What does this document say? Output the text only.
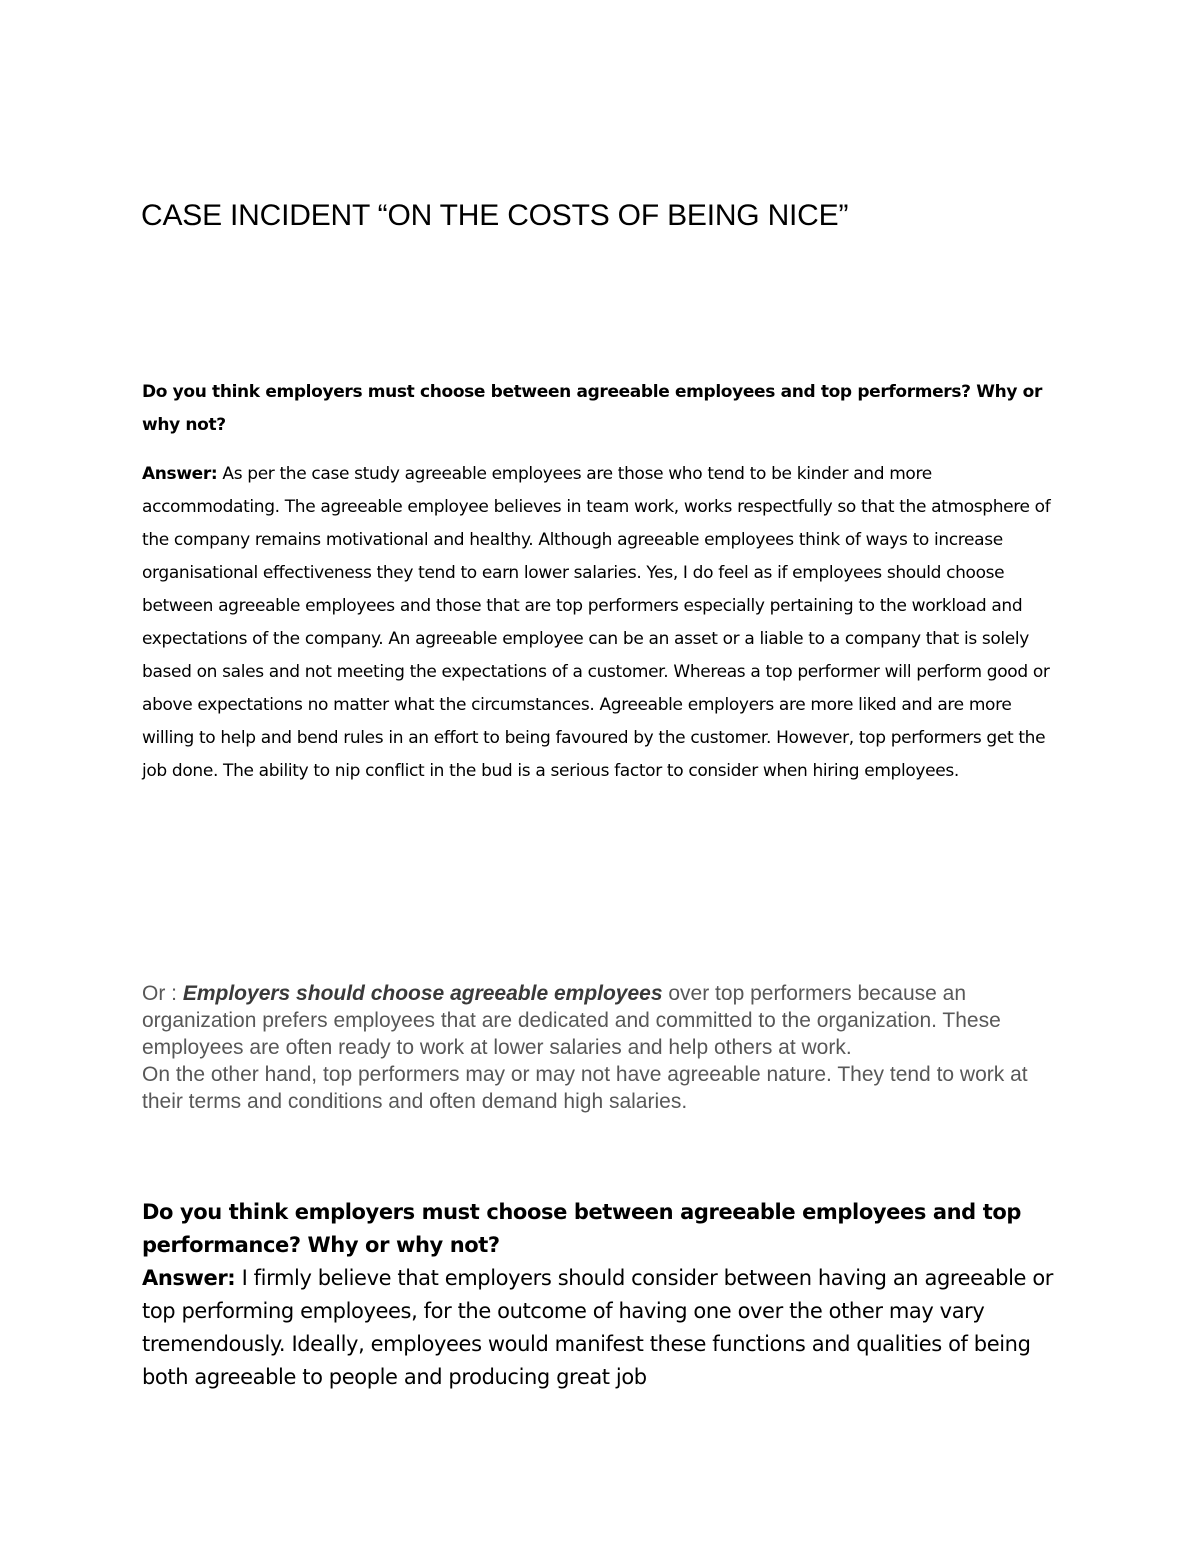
CASE INCIDENT “ON THE COSTS OF BEING NICE”

Do you think employers must choose between agreeable employees and top performers? Why or why not?

Answer: As per the case study agreeable employees are those who tend to be kinder and more accommodating. The agreeable employee believes in team work, works respectfully so that the atmosphere of the company remains motivational and healthy. Although agreeable employees think of ways to increase organisational effectiveness they tend to earn lower salaries. Yes, I do feel as if employees should choose between agreeable employees and those that are top performers especially pertaining to the workload and expectations of the company. An agreeable employee can be an asset or a liable to a company that is solely based on sales and not meeting the expectations of a customer. Whereas a top performer will perform good or above expectations no matter what the circumstances. Agreeable employers are more liked and are more willing to help and bend rules in an effort to being favoured by the customer. However, top performers get the job done. The ability to nip conflict in the bud is a serious factor to consider when hiring employees.

Or : Employers should choose agreeable employees over top performers because an organization prefers employees that are dedicated and committed to the organization. These employees are often ready to work at lower salaries and help others at work.
On the other hand, top performers may or may not have agreeable nature. They tend to work at their terms and conditions and often demand high salaries.

Do you think employers must choose between agreeable employees and top performance? Why or why not?

Answer: I firmly believe that employers should consider between having an agreeable or top performing employees, for the outcome of having one over the other may vary tremendously. Ideally, employees would manifest these functions and qualities of being both agreeable to people and producing great job
